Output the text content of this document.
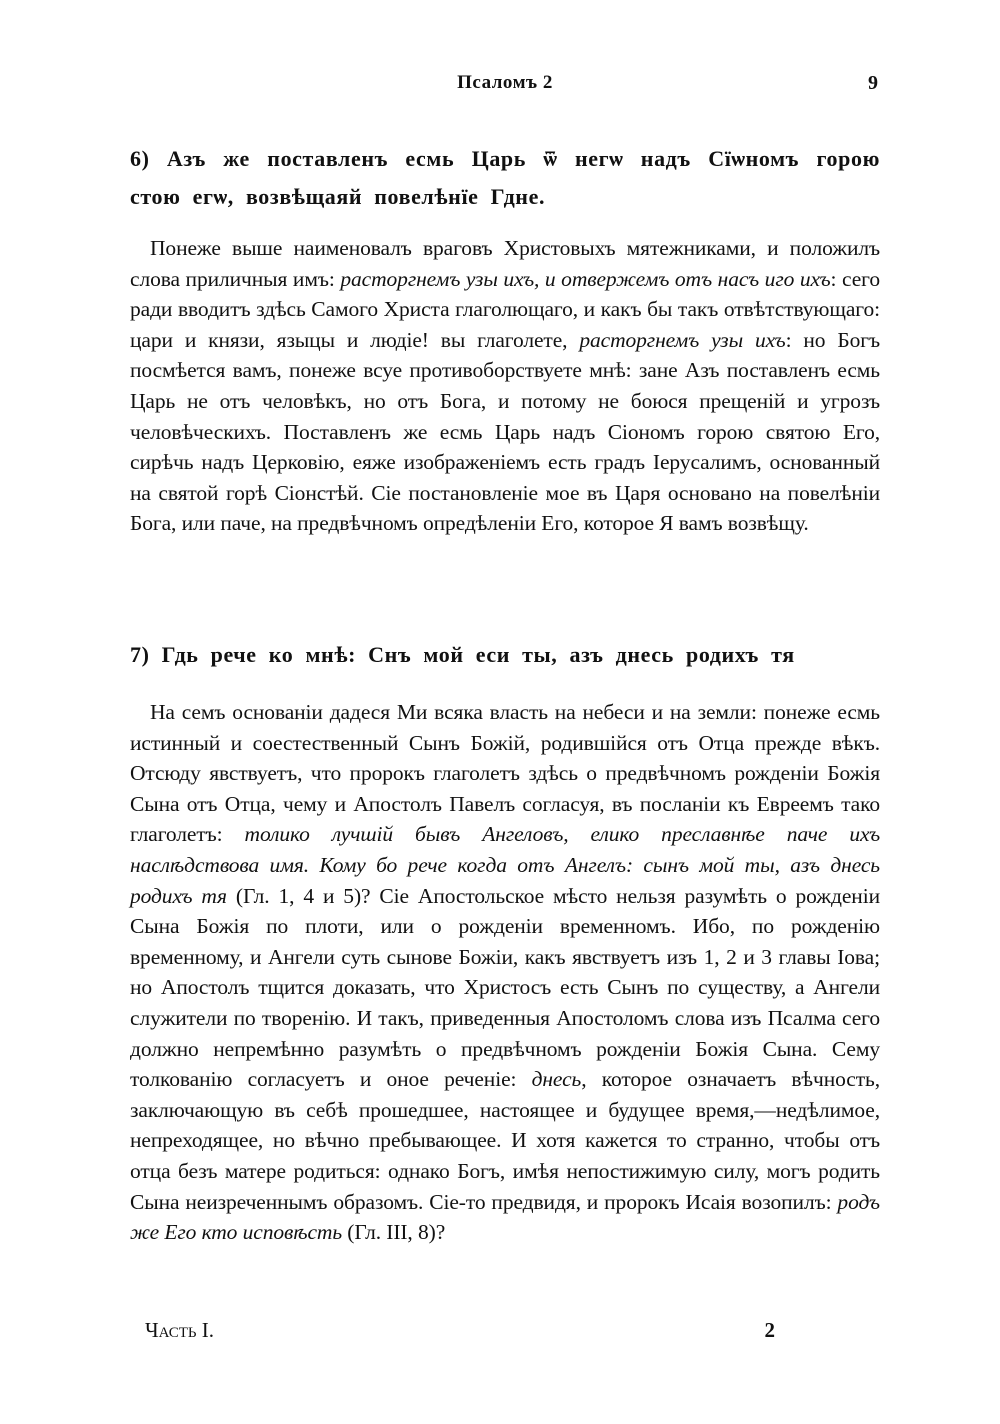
Псаломъ 2	9
6) Азъ же поставленъ есмь Царь ѿ негѡ надъ Сїѡномъ горою стою егѡ, возвѣщаяй повелѣнїе Гдне.
Понеже выше наименовалъ враговъ Христовыхъ мятежниками, и положилъ слова приличныя имъ: расторгнемъ узы ихъ, и отвержемъ отъ насъ иго ихъ: сего ради вводитъ здѣсь Самого Христа глаголющаго, и какъ бы такъ отвѣтствующаго: цари и князи, языцы и людіе! вы глаголете, расторгнемъ узы ихъ: но Богъ посмѣется вамъ, понеже всуе противоборствуете мнѣ: зане Азъ поставленъ есмь Царь не отъ человѣкъ, но отъ Бога, и потому не боюся прещеній и угрозъ человѣческихъ. Поставленъ же есмь Царь надъ Сіономъ горою святою Его, сирѣчь надъ Церковію, еяже изображеніемъ есть градъ Іерусалимъ, основанный на святой горѣ Сіонстѣй. Сіе постановленіе мое въ Царя основано на повелѣніи Бога, или паче, на предвѣчномъ опредѣленіи Его, которое Я вамъ возвѣщу.
7) Гдь рече ко мнѣ: Снъ мой еси ты, азъ днесь родихъ тя
На семъ основаніи дадеся Ми всяка власть на небеси и на земли: понеже есмь истинный и соестественный Сынъ Божій, родившійся отъ Отца прежде вѣкъ. Отсюду явствуетъ, что пророкъ глаголетъ здѣсь о предвѣчномъ рожденіи Божія Сына отъ Отца, чему и Апостолъ Павелъ согласуя, въ посланіи къ Евреемъ тако глаголетъ: толико лучшій бывъ Ангеловъ, елико преславнѣе паче ихъ наслѣдствова имя. Кому бо рече когда отъ Ангелъ: сынъ мой ты, азъ днесь родихъ тя (Гл. 1, 4 и 5)? Сіе Апостольское мѣсто нельзя разумѣть о рожденіи Сына Божія по плоти, или о рожденіи временномъ. Ибо, по рожденію временному, и Ангели суть сынове Божіи, какъ явствуетъ изъ 1, 2 и 3 главы Іова; но Апостолъ тщится доказать, что Христосъ есть Сынъ по существу, а Ангели служители по творенію. И такъ, приведенныя Апостоломъ слова изъ Псалма сего должно непремѣнно разумѣть о предвѣчномъ рожденіи Божія Сына. Сему толкованію согласуетъ и оное реченіе: днесь, которое означаетъ вѣчность, заключающую въ себѣ прошедшее, настоящее и будущее время,—недѣлимое, непреходящее, но вѣчно пребывающее. И хотя кажется то странно, чтобы отъ отца безъ матере родиться: однако Богъ, имѣя непостижимую силу, могъ родить Сына неизреченнымъ образомъ. Сіе-то предвидя, и пророкъ Исаія возопилъ: родъ же Его кто исповѣсть (Гл. III, 8)?
Часть I.	2
